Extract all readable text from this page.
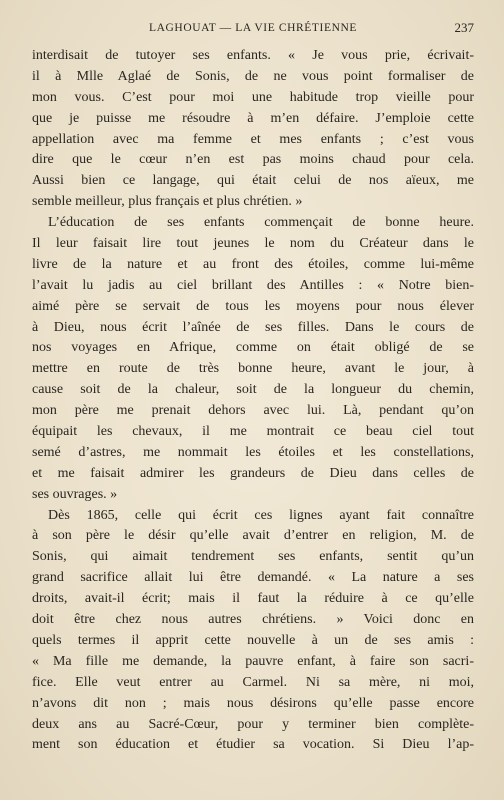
LAGHOUAT — LA VIE CHRÉTIENNE	237
interdisait de tutoyer ses enfants. « Je vous prie, écrivait-
il à Mlle Aglaé de Sonis, de ne vous point formaliser de
mon vous. C’est pour moi une habitude trop vieille pour
que je puisse me résoudre à m’en défaire. J’emploie cette
appellation avec ma femme et mes enfants ; c’est vous
dire que le cœur n’en est pas moins chaud pour cela.
Aussi bien ce langage, qui était celui de nos aïeux, me
semble meilleur, plus français et plus chrétien. »
L’éducation de ses enfants commençait de bonne heure.
Il leur faisait lire tout jeunes le nom du Créateur dans le
livre de la nature et au front des étoiles, comme lui-même
l’avait lu jadis au ciel brillant des Antilles : « Notre bien-
aimé père se servait de tous les moyens pour nous élever
à Dieu, nous écrit l’aînée de ses filles. Dans le cours de
nos voyages en Afrique, comme on était obligé de se
mettre en route de très bonne heure, avant le jour, à
cause soit de la chaleur, soit de la longueur du chemin,
mon père me prenait dehors avec lui. Là, pendant qu’on
équipait les chevaux, il me montrait ce beau ciel tout
semé d’astres, me nommait les étoiles et les constellations,
et me faisait admirer les grandeurs de Dieu dans celles de
ses ouvrages. »
Dès 1865, celle qui écrit ces lignes ayant fait connaître
à son père le désir qu’elle avait d’entrer en religion, M. de
Sonis, qui aimait tendrement ses enfants, sentit qu’un
grand sacrifice allait lui être demandé. « La nature a ses
droits, avait-il écrit; mais il faut la réduire à ce qu’elle
doit être chez nous autres chrétiens. » Voici donc en
quels termes il apprit cette nouvelle à un de ses amis :
« Ma fille me demande, la pauvre enfant, à faire son sacri-
fice. Elle veut entrer au Carmel. Ni sa mère, ni moi,
n’avons dit non ; mais nous désirons qu’elle passe encore
deux ans au Sacré-Cœur, pour y terminer bien complète-
ment son éducation et étudier sa vocation. Si Dieu l’ap-
